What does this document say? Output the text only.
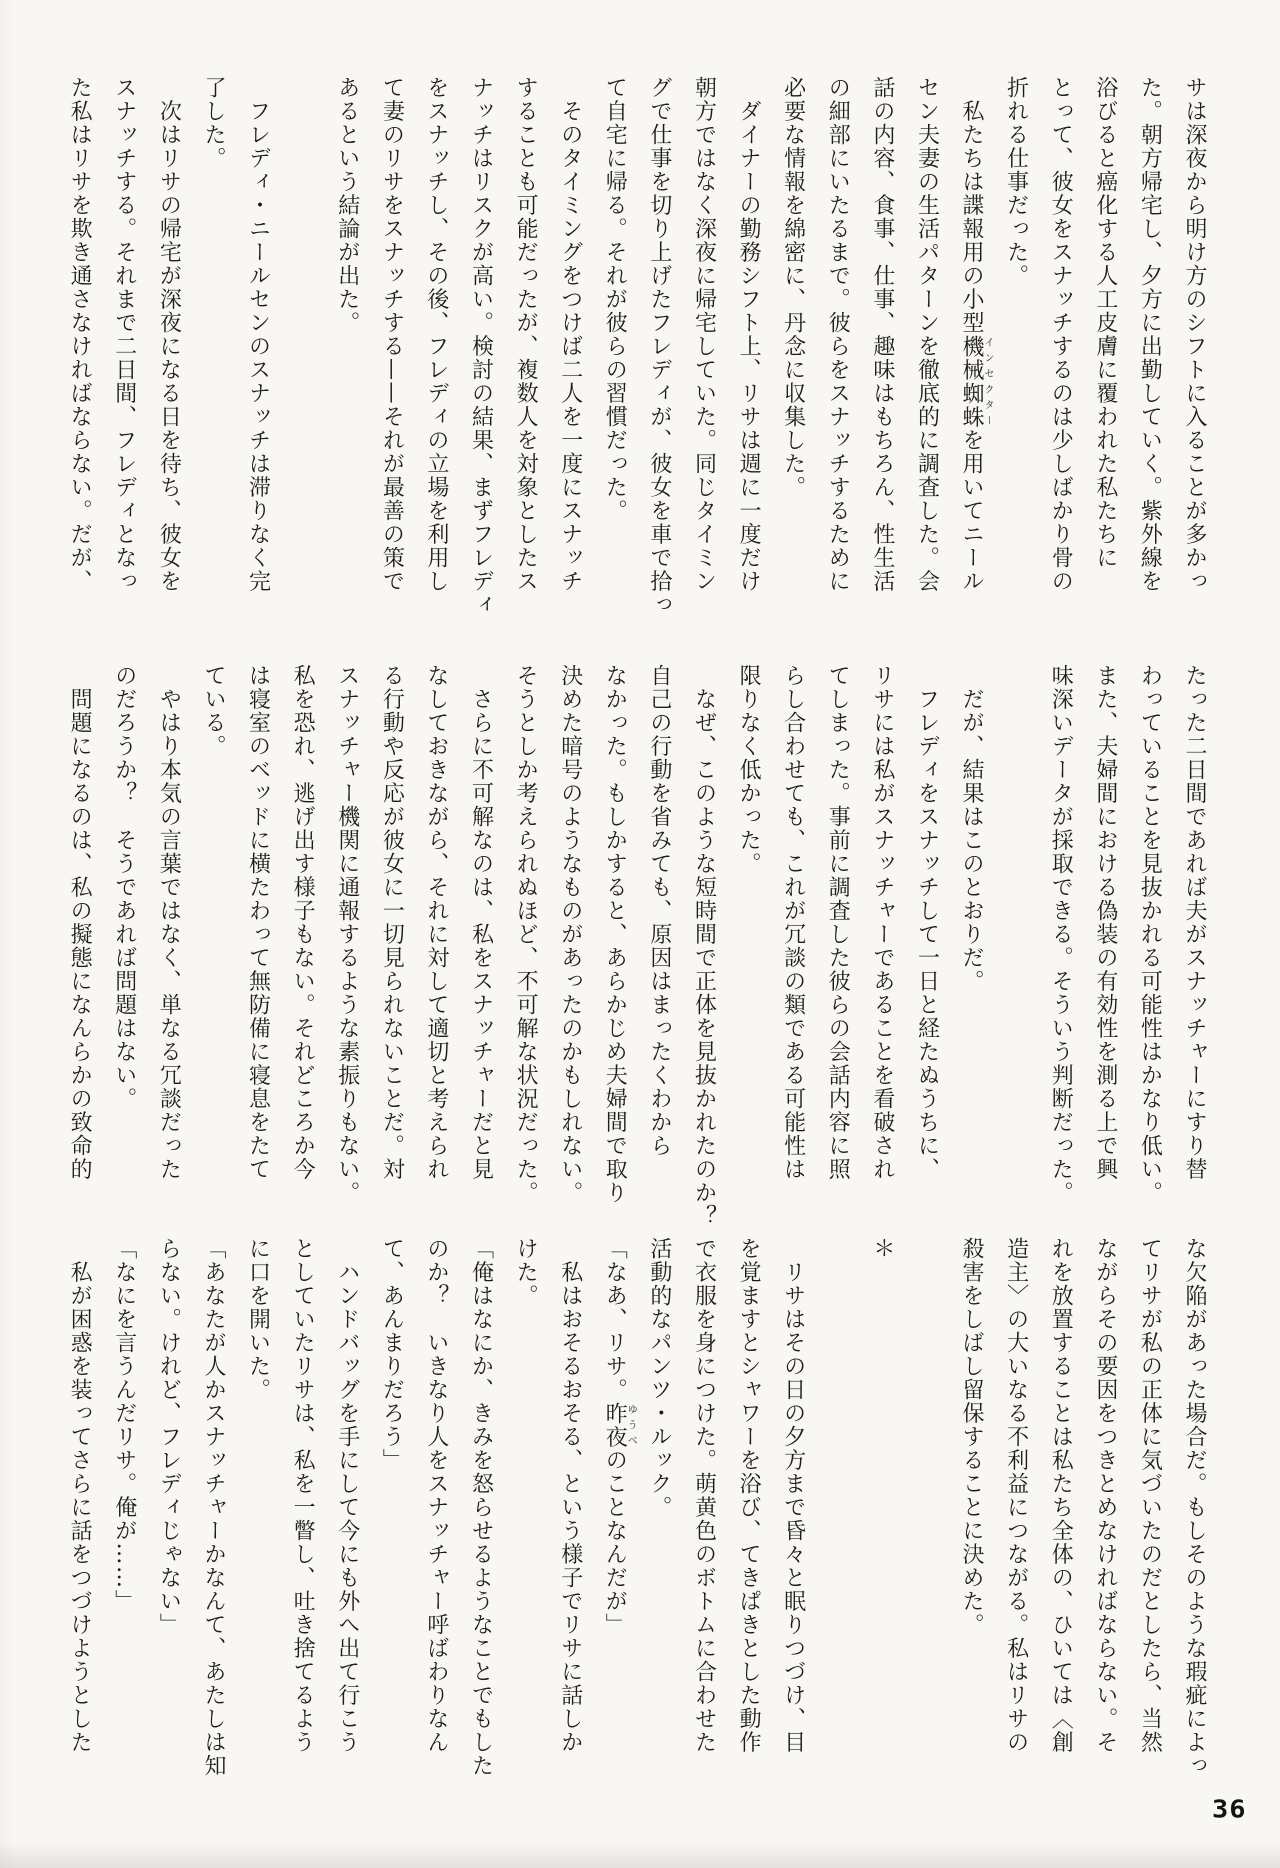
サは深夜から明け方のシフトに入ることが多かっ

た。朝方帰宅し、夕方に出勤していく。紫外線を

浴びると癌化する人工皮膚に覆われた私たちに

とって、彼女をスナッチするのは少しばかり骨の

折れる仕事だった。

　私たちは諜報用の小型機械蜘蛛インセクターを用いてニール

セン夫妻の生活パターンを徹底的に調査した。会

話の内容、食事、仕事、趣味はもちろん、性生活

の細部にいたるまで。彼らをスナッチするために

必要な情報を綿密に、丹念に収集した。

　ダイナーの勤務シフト上、リサは週に一度だけ

朝方ではなく深夜に帰宅していた。同じタイミン

グで仕事を切り上げたフレディが、彼女を車で拾っ

て自宅に帰る。それが彼らの習慣だった。

　そのタイミングをつけば二人を一度にスナッチ

することも可能だったが、複数人を対象としたス

ナッチはリスクが高い。検討の結果、まずフレディ

をスナッチし、その後、フレディの立場を利用し

て妻のリサをスナッチする——それが最善の策で

あるという結論が出た。

　フレディ・ニールセンのスナッチは滞りなく完

了した。

　次はリサの帰宅が深夜になる日を待ち、彼女を

スナッチする。それまで二日間、フレディとなっ

た私はリサを欺き通さなければならない。だが、

たった二日間であれば夫がスナッチャーにすり替

わっていることを見抜かれる可能性はかなり低い。

また、夫婦間における偽装の有効性を測る上で興

味深いデータが採取できる。そういう判断だった。

　だが、結果はこのとおりだ。

　フレディをスナッチして一日と経たぬうちに、

リサには私がスナッチャーであることを看破され

てしまった。事前に調査した彼らの会話内容に照

らし合わせても、これが冗談の類である可能性は

限りなく低かった。

　なぜ、このような短時間で正体を見抜かれたのか？

自己の行動を省みても、原因はまったくわから

なかった。もしかすると、あらかじめ夫婦間で取り

決めた暗号のようなものがあったのかもしれない。

そうとしか考えられぬほど、不可解な状況だった。

　さらに不可解なのは、私をスナッチャーだと見

なしておきながら、それに対して適切と考えられ

る行動や反応が彼女に一切見られないことだ。対

スナッチャー機関に通報するような素振りもない。

私を恐れ、逃げ出す様子もない。それどころか今

は寝室のベッドに横たわって無防備に寝息をたて

ている。

　やはり本気の言葉ではなく、単なる冗談だった

のだろうか？　そうであれば問題はない。

　問題になるのは、私の擬態になんらかの致命的

な欠陥があった場合だ。もしそのような瑕疵によっ

てリサが私の正体に気づいたのだとしたら、当然

ながらその要因をつきとめなければならない。そ

れを放置することは私たち全体の、ひいては〈創

造主〉の大いなる不利益につながる。私はリサの

殺害をしばし留保することに決めた。

＊

　リサはその日の夕方まで昏々と眠りつづけ、目

を覚ますとシャワーを浴び、てきぱきとした動作

で衣服を身につけた。萌黄色のボトムに合わせた

活動的なパンツ・ルック。

「なあ、リサ。昨夜ゆうべのことなんだが」

　私はおそるおそる、という様子でリサに話しか

けた。

「俺はなにか、きみを怒らせるようなことでもした

のか？　いきなり人をスナッチャー呼ばわりなん

て、あんまりだろう」

　ハンドバッグを手にして今にも外へ出て行こう

としていたリサは、私を一瞥し、吐き捨てるよう

に口を開いた。

「あなたが人かスナッチャーかなんて、あたしは知

らない。けれど、フレディじゃない」

「なにを言うんだリサ。俺が……」

　私が困惑を装ってさらに話をつづけようとした

36
